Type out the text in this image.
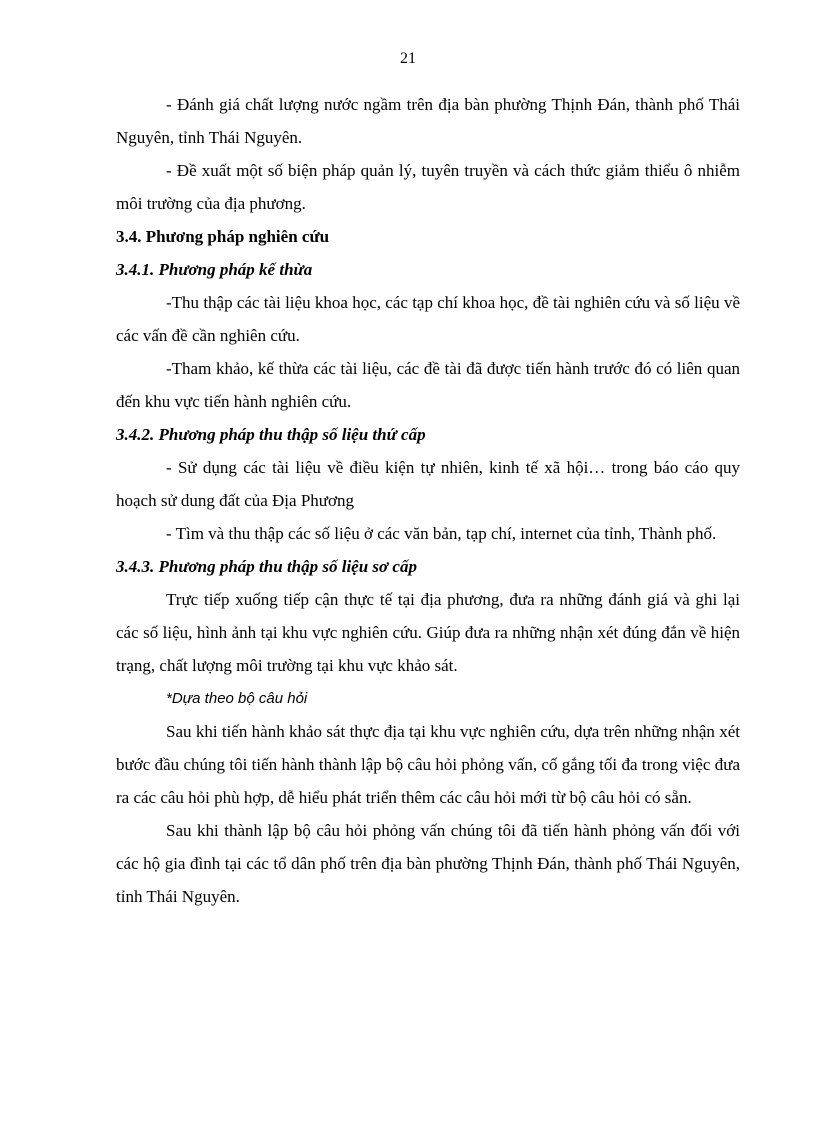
21

- Đánh giá chất lượng nước ngầm trên địa bàn phường Thịnh Đán, thành phố Thái Nguyên, tỉnh Thái Nguyên.

- Đề xuất một số biện pháp quản lý, tuyên truyền và cách thức giảm thiểu ô nhiễm môi trường của địa phương.

3.4. Phương pháp nghiên cứu

3.4.1. Phương pháp kế thừa

-Thu thập các tài liệu khoa học, các tạp chí khoa học, đề tài nghiên cứu và số liệu về các vấn đề cần nghiên cứu.

-Tham khảo, kế thừa các tài liệu, các đề tài đã được tiến hành trước đó có liên quan đến khu vực tiến hành nghiên cứu.

3.4.2. Phương pháp thu thập số liệu thứ cấp

- Sử dụng các tài liệu về điều kiện tự nhiên, kinh tế xã hội… trong báo cáo quy hoạch sử dung đất của Địa Phương

- Tìm và thu thập các số liệu ở các văn bản, tạp chí, internet của tỉnh, Thành phố.

3.4.3. Phương pháp thu thập số liệu sơ cấp

Trực tiếp xuống tiếp cận thực tế tại địa phương, đưa ra những đánh giá và ghi lại các số liệu, hình ảnh tại khu vực nghiên cứu. Giúp đưa ra những nhận xét đúng đắn về hiện trạng, chất lượng môi trường tại khu vực khảo sát.

*Dựa theo bộ câu hỏi

Sau khi tiến hành khảo sát thực địa tại khu vực nghiên cứu, dựa trên những nhận xét bước đầu chúng tôi tiến hành thành lập bộ câu hỏi phỏng vấn, cố gắng tối đa trong việc đưa ra các câu hỏi phù hợp, dễ hiểu phát triển thêm các câu hỏi mới từ bộ câu hỏi có sẵn.

Sau khi thành lập bộ câu hỏi phỏng vấn chúng tôi đã tiến hành phỏng vấn đối với các hộ gia đình tại các tổ dân phố trên địa bàn phường Thịnh Đán, thành phố Thái Nguyên, tỉnh Thái Nguyên.
